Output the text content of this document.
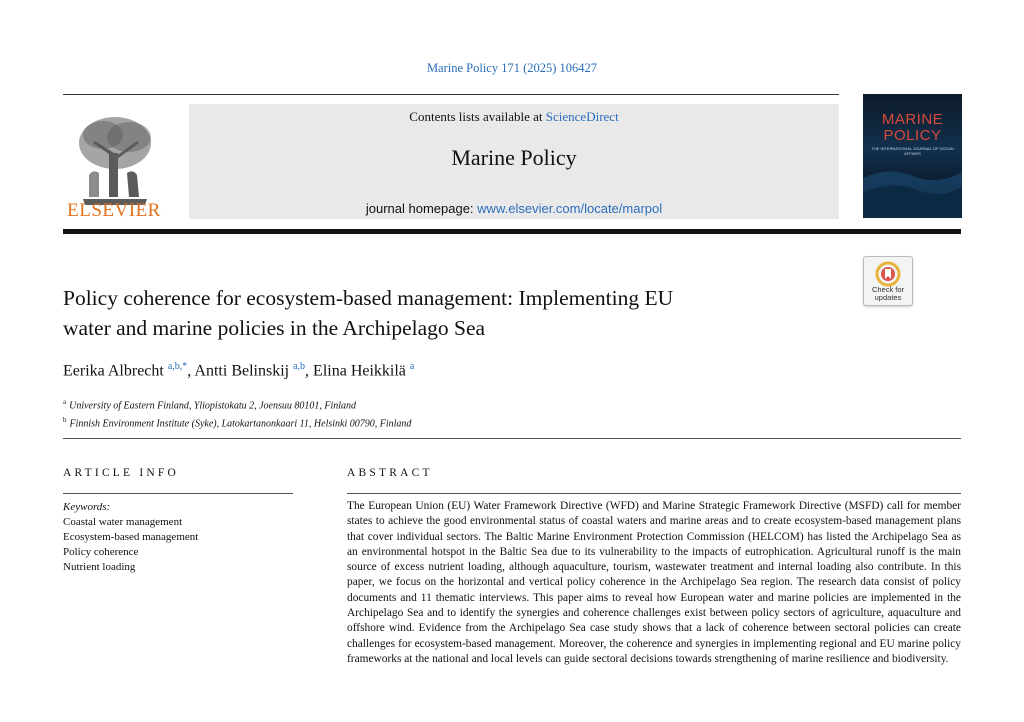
Marine Policy 171 (2025) 106427
ELSEVIER
Contents lists available at ScienceDirect
Marine Policy
journal homepage: www.elsevier.com/locate/marpol
MARINE
POLICY
THE INTERNATIONAL JOURNAL OF OCEAN AFFAIRS
Check for
updates
Policy coherence for ecosystem-based management: Implementing EU
water and marine policies in the Archipelago Sea
Eerika Albrecht $^{a,b,*}$, Antti Belinskij $^{a,b}$, Elina Heikkilä $^a$
$^a$ University of Eastern Finland, Yliopistokatu 2, Joensuu 80101, Finland
$^b$ Finnish Environment Institute (Syke), Latokartanonkaari 11, Helsinki 00790, Finland
ARTICLE INFO	ABSTRACT
Keywords:
Coastal water management
Ecosystem-based management
Policy coherence
Nutrient loading
The European Union (EU) Water Framework Directive (WFD) and Marine Strategic Framework Directive (MSFD) call for member states to achieve the good environmental status of coastal waters and marine areas and to create ecosystem-based management plans that cover individual sectors. The Baltic Marine Environment Protection Commission (HELCOM) has listed the Archipelago Sea as an environmental hotspot in the Baltic Sea due to its vulnerability to the impacts of eutrophication. Agricultural runoff is the main source of excess nutrient loading, although aquaculture, tourism, wastewater treatment and internal loading also contribute. In this paper, we focus on the horizontal and vertical policy coherence in the Archipelago Sea region. The research data consist of policy documents and 11 thematic interviews. This paper aims to reveal how European water and marine policies are implemented in the Archipelago Sea and to identify the synergies and coherence challenges exist between policy sectors of agriculture, aquaculture and offshore wind. Evidence from the Archipelago Sea case study shows that a lack of coherence between sectoral policies can create challenges for ecosystem-based management. Moreover, the coherence and synergies in implementing regional and EU marine policy frameworks at the national and local levels can guide sectoral decisions towards strengthening of marine resilience and biodiversity.
